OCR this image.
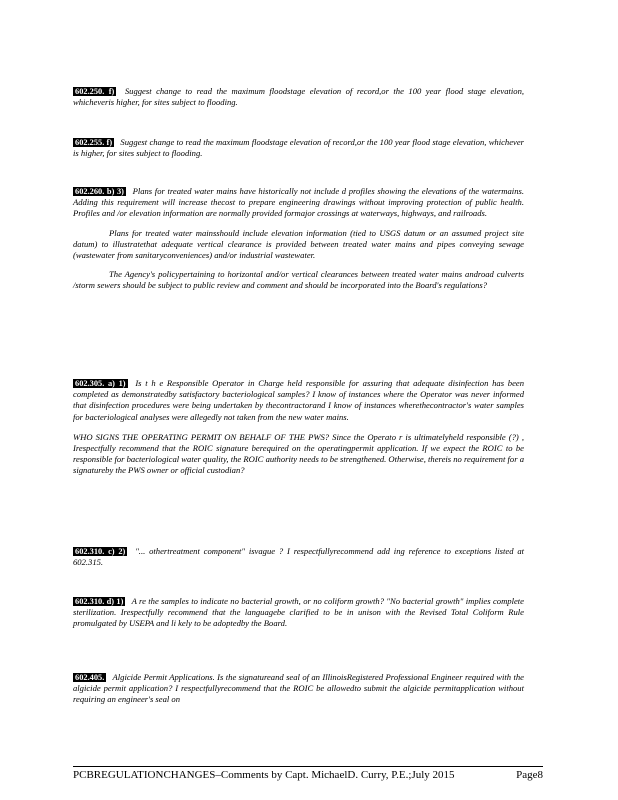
602.250. f) Suggest change to read the maximum floodstage elevation of record,or the 100 year flood stage elevation, whicheveris higher, for sites subject to flooding.

602.255. f) Suggest change to read the maximum floodstage elevation of record,or the 100 year flood stage elevation, whichever is higher, for sites subject to flooding.

602.260. b) 3) Plans for treated water mains have historically not include d profiles showing the elevations of the watermains. Adding this requirement will increase thecost to prepare engineering drawings without improving protection of public health. Profiles and /or elevation information are normally provided formajor crossings at waterways, highways, and railroads.

Plans for treated water mainsshould include elevation information (tied to USGS datum or an assumed project site datum) to illustratethat adequate vertical clearance is provided between treated water mains and pipes conveying sewage (wastewater from sanitaryconveniences) and/or industrial wastewater.

The Agency's policypertaining to horizontal and/or vertical clearances between treated water mains androad culverts /storm sewers should be subject to public review and comment and should be incorporated into the Board's regulations?

602.305. a) 1) Is t h e Responsible Operator in Charge held responsible for assuring that adequate disinfection has been completed as demonstratedby satisfactory bacteriological samples? I know of instances where the Operator was never informed that disinfection procedures were being undertaken by thecontractorand I know of instances wherethecontractor's water samples for bacteriological analyses were allegedly not taken from the new water mains.

WHO SIGNS THE OPERATING PERMIT ON BEHALF OF THE PWS? Since the Operato r is ultimatelyheld responsible (?) , Irespectfully recommend that the ROIC signature berequired on the operatingpermit application. If we expect the ROIC to be responsible for bacteriological water quality, the ROIC authority needs to be strengthened. Otherwise, thereis no requirement for a signatureby the PWS owner or official custodian?

602.310. c) 2) "... othertreatment component" isvague ? I respectfullyrecommend add ing reference to exceptions listed at 602.315.

602.310. d) 1) A re the samples to indicate no bacterial growth, or no coliform growth? "No bacterial growth" implies complete sterilization. Irespectfully recommend that the languagebe clarified to be in unison with the Revised Total Coliform Rule promulgated by USEPA and li kely to be adoptedby the Board.

602.405. Algicide Permit Applications. Is the signatureand seal of an IllinoisRegistered Professional Engineer required with the algicide permit application? I respectfullyrecommend that the ROIC be allowedto submit the algicide permitapplication without requiring an engineer's seal on

PCBREGULATIONCHANGES–Comments by Capt. MichaelD. Curry, P.E.;July 2015	Page8
